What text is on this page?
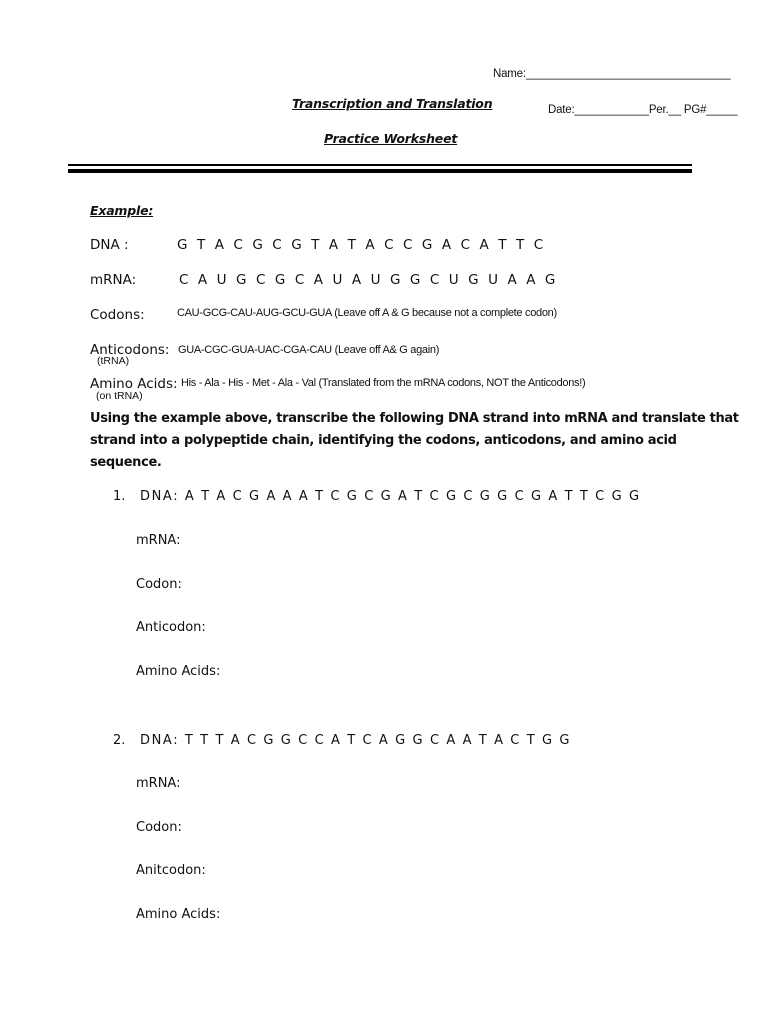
Name:_________________________________
Transcription and Translation	Date:____________Per.__ PG#_____
Practice Worksheet
Example:
DNA :	G T A C G C G T A T A C C G A C A T T C
mRNA:	C A U G C G C A U A U G G C U G U A A G
Codons:	CAU-GCG-CAU-AUG-GCU-GUA (Leave off A & G because not a complete codon)
Anticodons:
(tRNA)
GUA-CGC-GUA-UAC-CGA-CAU (Leave off A& G again)
Amino Acids:
(on tRNA)
His - Ala - His - Met - Ala - Val (Translated from the mRNA codons, NOT the Anticodons!)
Using the example above, transcribe the following DNA strand into mRNA and translate that
strand into a polypeptide chain, identifying the codons, anticodons, and amino acid
sequence.
1. DNA: A T A C G A A A T C G C G A T C G C G G C G A T T C G G
mRNA:
Codon:
Anticodon:
Amino Acids:
2. DNA: T T T A C G G C C A T C A G G C A A T A C T G G
mRNA:
Codon:
Anitcodon:
Amino Acids:
